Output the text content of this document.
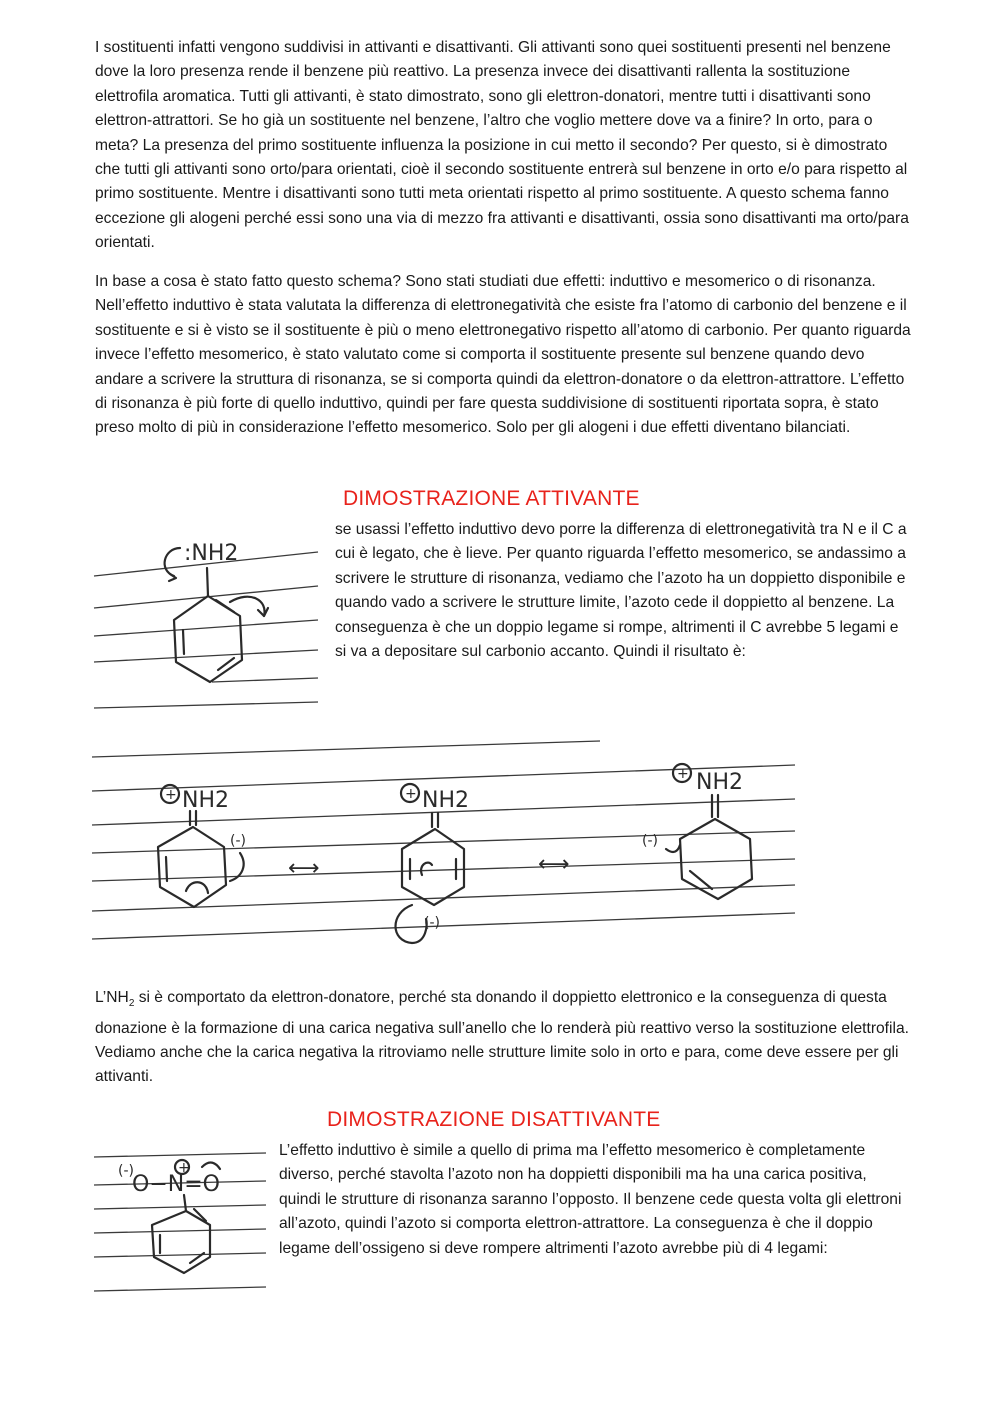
I sostituenti infatti vengono suddivisi in attivanti e disattivanti. Gli attivanti sono quei sostituenti presenti nel benzene dove la loro presenza rende il benzene più reattivo. La presenza invece dei disattivanti rallenta la sostituzione elettrofila aromatica. Tutti gli attivanti, è stato dimostrato, sono gli elettron-donatori, mentre tutti i disattivanti sono elettron-attrattori. Se ho già un sostituente nel benzene, l’altro che voglio mettere dove va a finire? In orto, para o meta? La presenza del primo sostituente influenza la posizione in cui metto il secondo? Per questo, si è dimostrato che tutti gli attivanti sono orto/para orientati, cioè il secondo sostituente entrerà sul benzene in orto e/o para rispetto al primo sostituente. Mentre i disattivanti sono tutti meta orientati rispetto al primo sostituente. A questo schema fanno eccezione gli alogeni perché essi sono una via di mezzo fra attivanti e disattivanti, ossia sono disattivanti ma orto/para orientati.

In base a cosa è stato fatto questo schema? Sono stati studiati due effetti: induttivo e mesomerico o di risonanza. Nell’effetto induttivo è stata valutata la differenza di elettronegatività che esiste fra l’atomo di carbonio del benzene e il sostituente e si è visto se il sostituente è più o meno elettronegativo rispetto all’atomo di carbonio. Per quanto riguarda invece l’effetto mesomerico, è stato valutato come si comporta il sostituente presente sul benzene quando devo andare a scrivere la struttura di risonanza, se si comporta quindi da elettron-donatore o da elettron-attrattore. L’effetto di risonanza è più forte di quello induttivo, quindi per fare questa suddivisione di sostituenti riportata sopra, è stato preso molto di più in considerazione l’effetto mesomerico. Solo per gli alogeni i due effetti diventano bilanciati.

DIMOSTRAZIONE ATTIVANTE
:NH2

se usassi l’effetto induttivo devo porre la differenza di elettronegatività tra N e il C a cui è legato, che è lieve. Per quanto riguarda l’effetto mesomerico, se andassimo a scrivere le strutture di risonanza, vediamo che l’azoto ha un doppietto disponibile e quando vado a scrivere le strutture limite, l’azoto cede il doppietto al benzene. La conseguenza è che un doppio legame si rompe, altrimenti il C avrebbe 5 legami e si va a depositare sul carbonio accanto. Quindi il risultato è:

+ NH2
(-)
⟷
+ NH2
(-)
⟷
+ NH2
(-)

$L’NH_2$ si è comportato da elettron-donatore, perché sta donando il doppietto elettronico e la conseguenza di questa donazione è la formazione di una carica negativa sull’anello che lo renderà più reattivo verso la sostituzione elettrofila. Vediamo anche che la carica negativa la ritroviamo nelle strutture limite solo in orto e para, come deve essere per gli attivanti.

DIMOSTRAZIONE DISATTIVANTE
(-)	+
O−N=O

L’effetto induttivo è simile a quello di prima ma l’effetto mesomerico è completamente diverso, perché stavolta l’azoto non ha doppietti disponibili ma ha una carica positiva, quindi le strutture di risonanza saranno l’opposto. Il benzene cede questa volta gli elettroni all’azoto, quindi l’azoto si comporta elettron-attrattore. La conseguenza è che il doppio legame dell’ossigeno si deve rompere altrimenti l’azoto avrebbe più di 4 legami:
